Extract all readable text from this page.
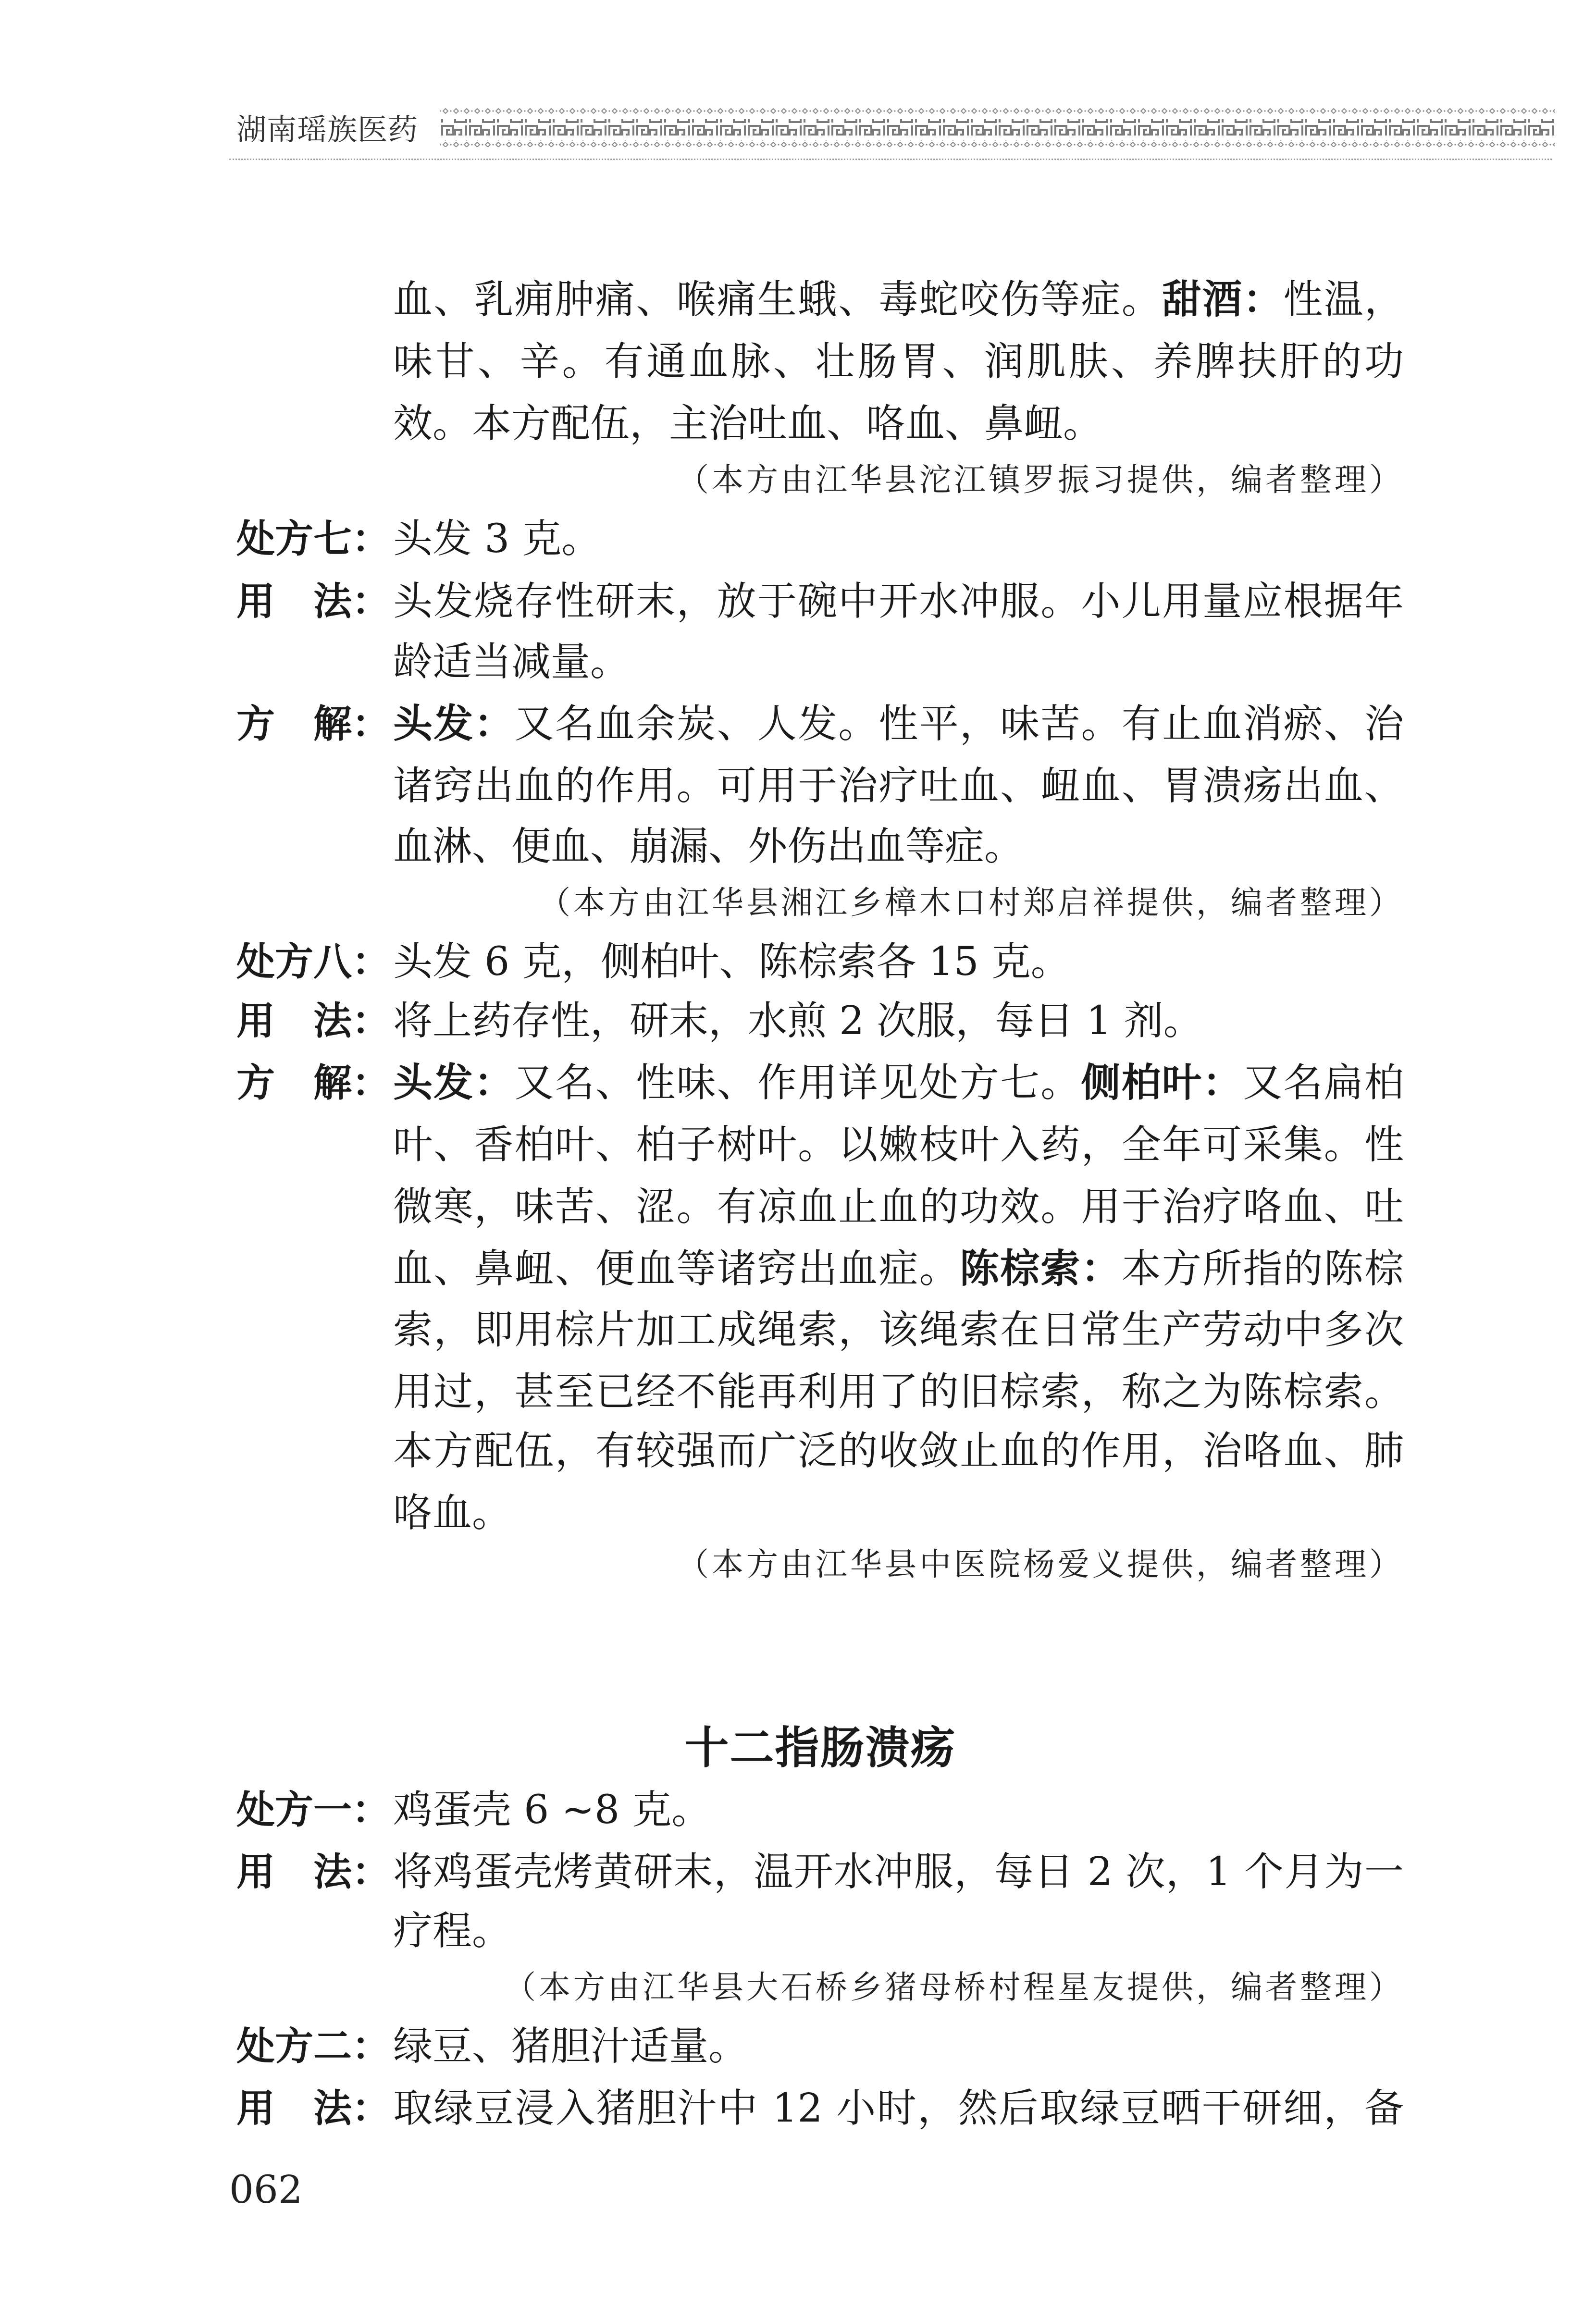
湖南瑶族医药
血、乳痈肿痛、喉痛生蛾、毒蛇咬伤等症。甜酒：性温，
味甘、辛。有通血脉、壮肠胃、润肌肤、养脾扶肝的功
效。本方配伍，主治吐血、咯血、鼻衄。
（本方由江华县沱江镇罗振习提供，编者整理）
处方七： 头发 3 克。
用　法： 头发烧存性研末，放于碗中开水冲服。小儿用量应根据年
龄适当减量。
方　解： 头发：又名血余炭、人发。性平，味苦。有止血消瘀、治
诸窍出血的作用。可用于治疗吐血、衄血、胃溃疡出血、
血淋、便血、崩漏、外伤出血等症。
（本方由江华县湘江乡樟木口村郑启祥提供，编者整理）
处方八： 头发 6 克，侧柏叶、陈棕索各 15 克。
用　法： 将上药存性，研末，水煎 2 次服，每日 1 剂。
方　解： 头发：又名、性味、作用详见处方七。侧柏叶：又名扁柏
叶、香柏叶、柏子树叶。以嫩枝叶入药，全年可采集。性
微寒，味苦、涩。有凉血止血的功效。用于治疗咯血、吐
血、鼻衄、便血等诸窍出血症。陈棕索：本方所指的陈棕
索，即用棕片加工成绳索，该绳索在日常生产劳动中多次
用过，甚至已经不能再利用了的旧棕索，称之为陈棕索。
本方配伍，有较强而广泛的收敛止血的作用，治咯血、肺
咯血。
（本方由江华县中医院杨爱义提供，编者整理）
十二指肠溃疡
处方一： 鸡蛋壳 6 ~8 克。
用　法： 将鸡蛋壳烤黄研末，温开水冲服，每日 2 次，1 个月为一
疗程。
（本方由江华县大石桥乡猪母桥村程星友提供，编者整理）
处方二： 绿豆、猪胆汁适量。
用　法： 取绿豆浸入猪胆汁中 12 小时，然后取绿豆晒干研细，备
062
